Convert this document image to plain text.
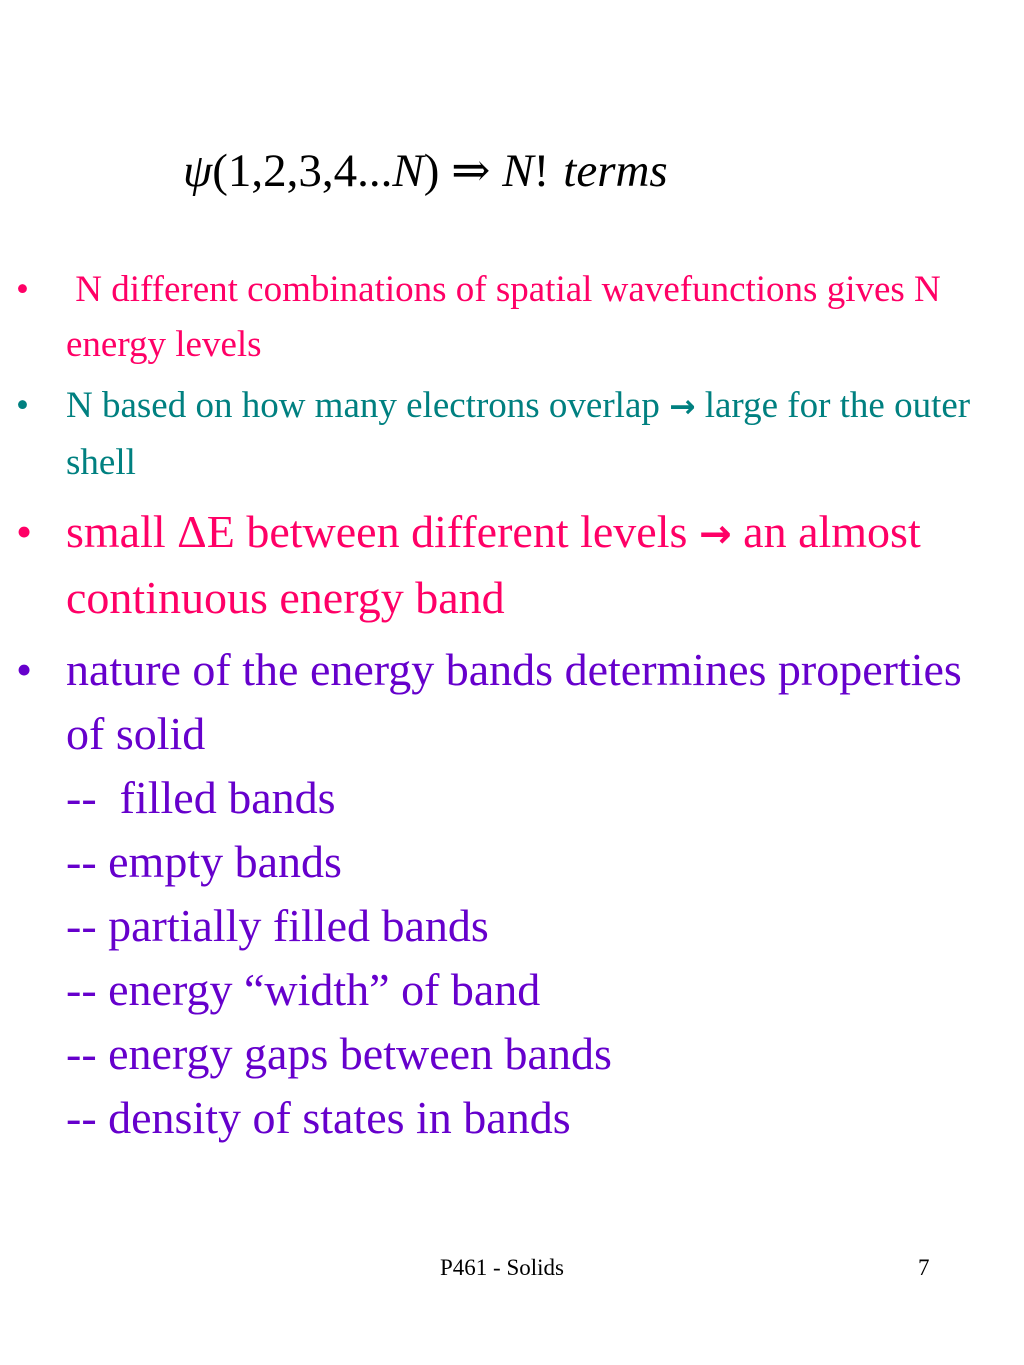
ψ(1,2,3,4...N) ⇒ N! terms
• N different combinations of spatial wavefunctions gives N energy levels
• N based on how many electrons overlap → large for the outer shell
• small ΔE between different levels → an almost continuous energy band
• nature of the energy bands determines properties of solid
--  filled bands
-- empty bands
-- partially filled bands
-- energy “width” of band
-- energy gaps between bands
-- density of states in bands
P461 - Solids	7
